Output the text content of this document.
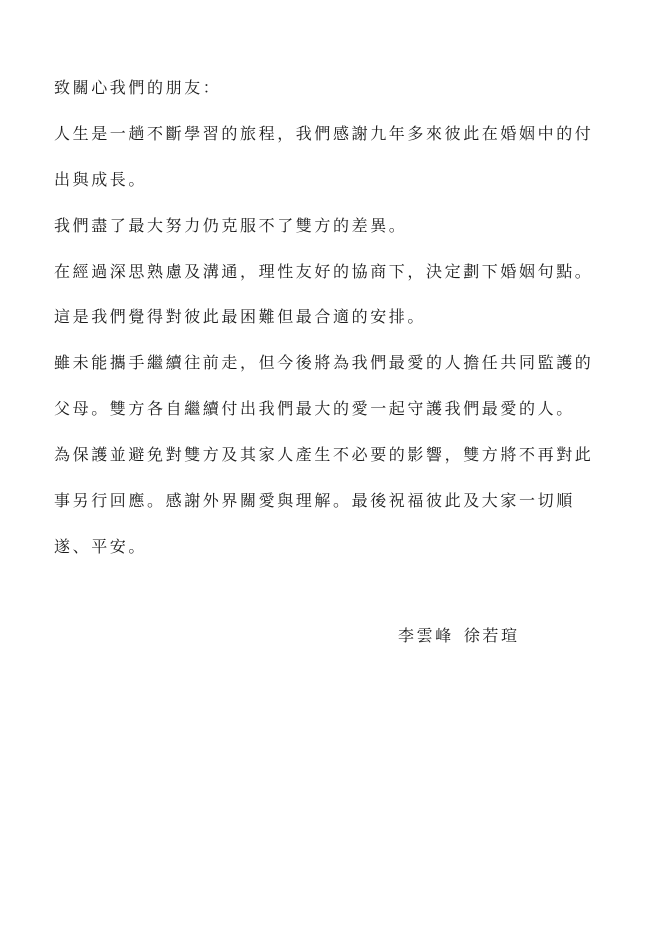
致關心我們的朋友：
人生是一趟不斷學習的旅程，我們感謝九年多來彼此在婚姻中的付
出與成長。
我們盡了最大努力仍克服不了雙方的差異。
在經過深思熟慮及溝通，理性友好的協商下，決定劃下婚姻句點。
這是我們覺得對彼此最困難但最合適的安排。
雖未能攜手繼續往前走，但今後將為我們最愛的人擔任共同監護的
父母。雙方各自繼續付出我們最大的愛一起守護我們最愛的人。
為保護並避免對雙方及其家人產生不必要的影響，雙方將不再對此
事另行回應。感謝外界關愛與理解。最後祝福彼此及大家一切順
遂、平安。
李雲峰 徐若瑄
